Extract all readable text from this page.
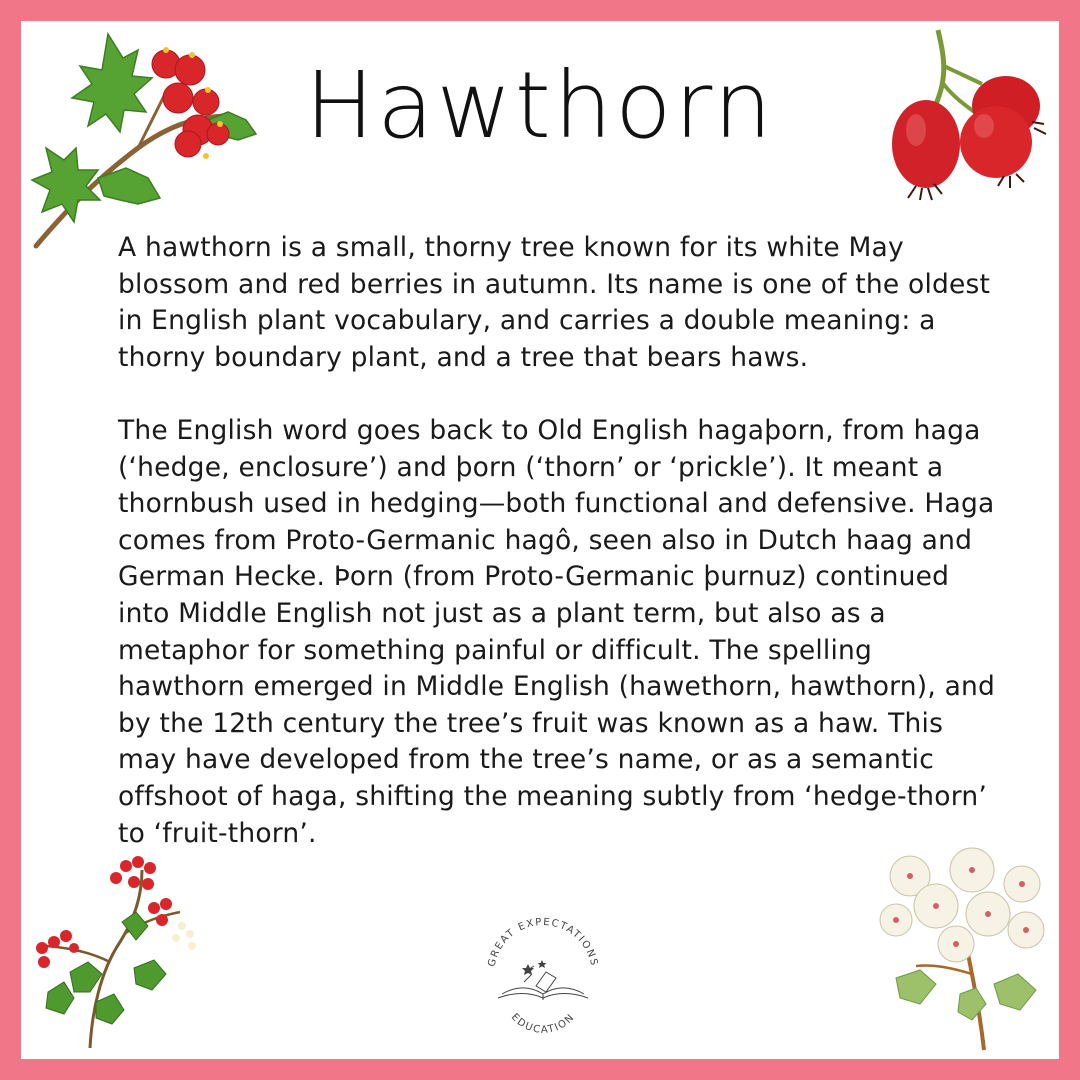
Hawthorn

A hawthorn is a small, thorny tree known for its white May blossom and red berries in autumn. Its name is one of the oldest in English plant vocabulary, and carries a double meaning: a thorny boundary plant, and a tree that bears haws.

The English word goes back to Old English hagaþorn, from haga (‘hedge, enclosure’) and þorn (‘thorn’ or ‘prickle’). It meant a thornbush used in hedging—both functional and defensive. Haga comes from Proto-Germanic hagô, seen also in Dutch haag and German Hecke. Þorn (from Proto-Germanic þurnuz) continued into Middle English not just as a plant term, but also as a metaphor for something painful or difficult. The spelling hawthorn emerged in Middle English (hawethorn, hawthorn), and by the 12th century the tree’s fruit was known as a haw. This may have developed from the tree’s name, or as a semantic offshoot of haga, shifting the meaning subtly from ‘hedge-thorn’ to ‘fruit-thorn’.

GREAT EXPECTATIONS
EDUCATION
